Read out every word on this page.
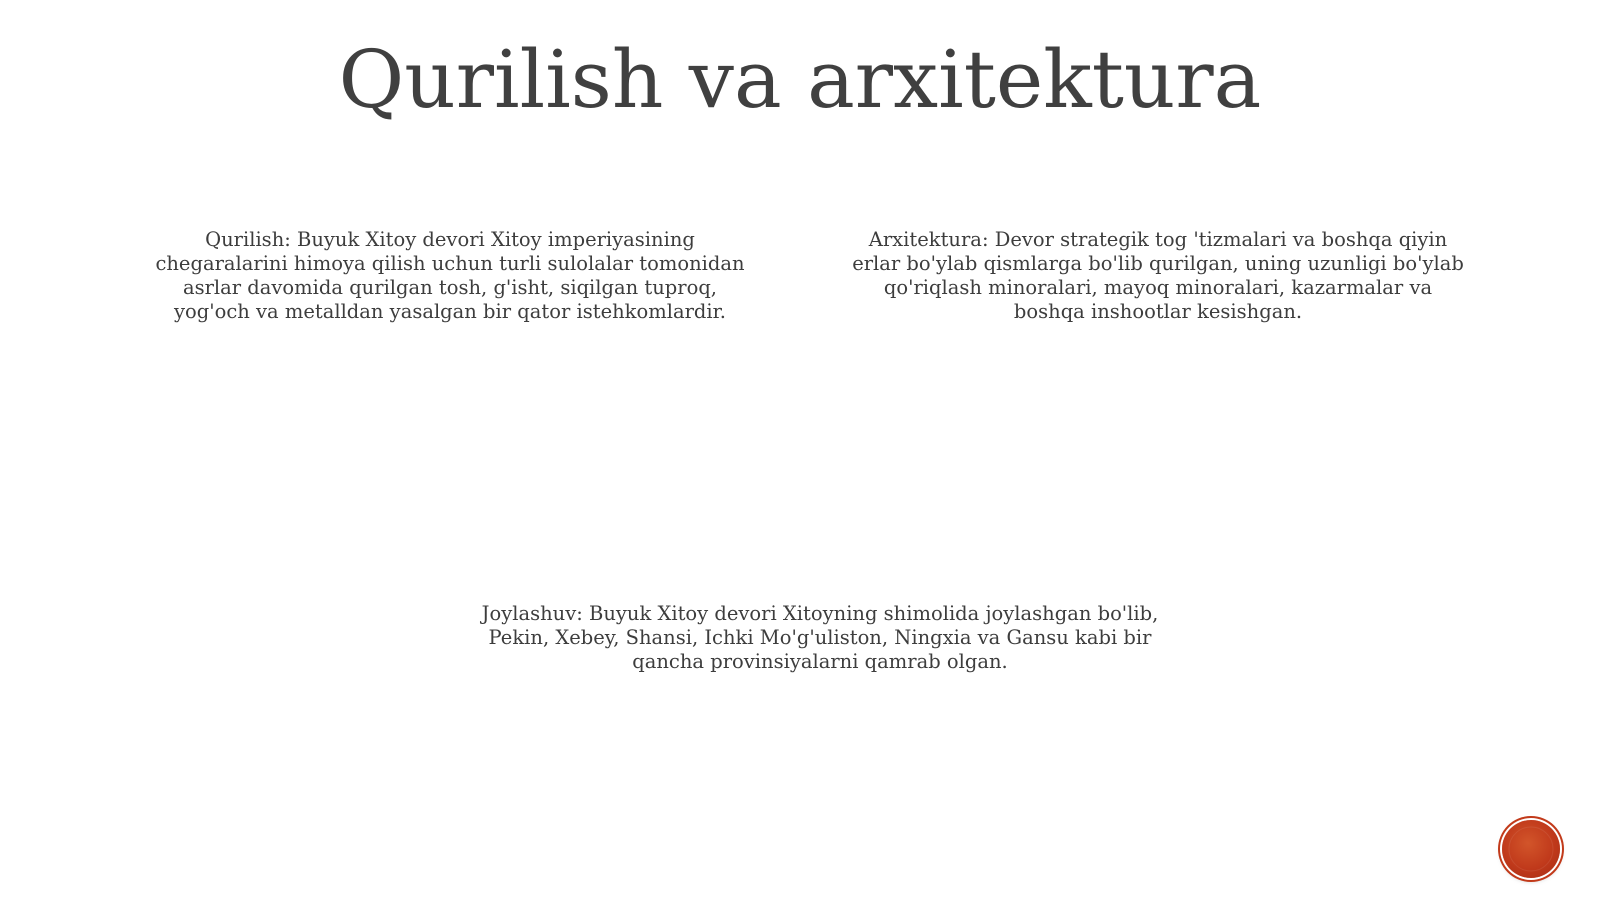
Qurilish va arxitektura

Qurilish: Buyuk Xitoy devori Xitoy imperiyasining chegaralarini himoya qilish uchun turli sulolalar tomonidan asrlar davomida qurilgan tosh, g'isht, siqilgan tuproq, yog'och va metalldan yasalgan bir qator istehkomlardir.

Arxitektura: Devor strategik tog 'tizmalari va boshqa qiyin erlar bo'ylab qismlarga bo'lib qurilgan, uning uzunligi bo'ylab qo'riqlash minoralari, mayoq minoralari, kazarmalar va boshqa inshootlar kesishgan.

Joylashuv: Buyuk Xitoy devori Xitoyning shimolida joylashgan bo'lib, Pekin, Xebey, Shansi, Ichki Mo'g'uliston, Ningxia va Gansu kabi bir qancha provinsiyalarni qamrab olgan.
